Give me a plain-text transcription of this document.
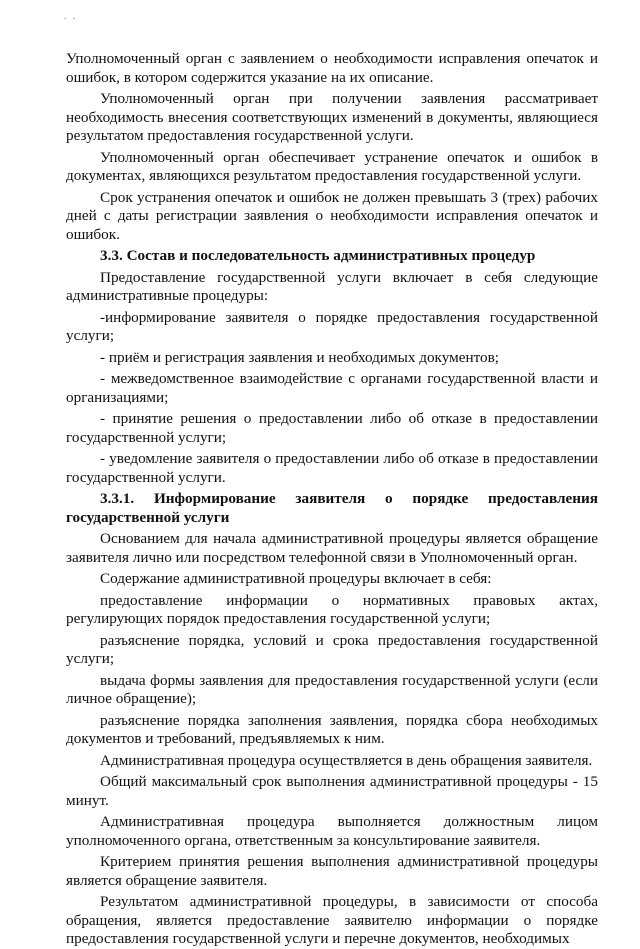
- -

Уполномоченный орган с заявлением о необходимости исправления опечаток и ошибок, в котором содержится указание на их описание.

Уполномоченный орган при получении заявления рассматривает необходимость внесения соответствующих изменений в документы, являющиеся результатом предоставления государственной услуги.

Уполномоченный орган обеспечивает устранение опечаток и ошибок в документах, являющихся результатом предоставления государственной услуги.

Срок устранения опечаток и ошибок не должен превышать 3 (трех) рабочих дней с даты регистрации заявления о необходимости исправления опечаток и ошибок.

3.3. Состав и последовательность административных процедур

Предоставление государственной услуги включает в себя следующие административные процедуры:

-информирование заявителя о порядке предоставления государственной услуги;

- приём и регистрация заявления и необходимых документов;

- межведомственное взаимодействие с органами государственной власти и организациями;

- принятие решения о предоставлении либо об отказе в предоставлении государственной услуги;

- уведомление заявителя о предоставлении либо об отказе в предоставлении государственной услуги.

3.3.1. Информирование заявителя о порядке предоставления

государственной услуги

Основанием для начала административной процедуры является обращение заявителя лично или посредством телефонной связи в Уполномоченный орган.

Содержание административной процедуры включает в себя:

предоставление информации о нормативных правовых актах, регулирующих порядок предоставления государственной услуги;

разъяснение порядка, условий и срока предоставления государственной услуги;

выдача формы заявления для предоставления государственной услуги (если личное обращение);

разъяснение порядка заполнения заявления, порядка сбора необходимых документов и требований, предъявляемых к ним.

Административная процедура осуществляется в день обращения заявителя.

Общий максимальный срок выполнения административной процедуры - 15 минут.

Административная процедура выполняется должностным лицом уполномоченного органа, ответственным за консультирование заявителя.

Критерием принятия решения выполнения административной процедуры является обращение заявителя.

Результатом административной процедуры, в зависимости от способа обращения, является предоставление заявителю информации о порядке предоставления государственной услуги и перечне документов, необходимых
